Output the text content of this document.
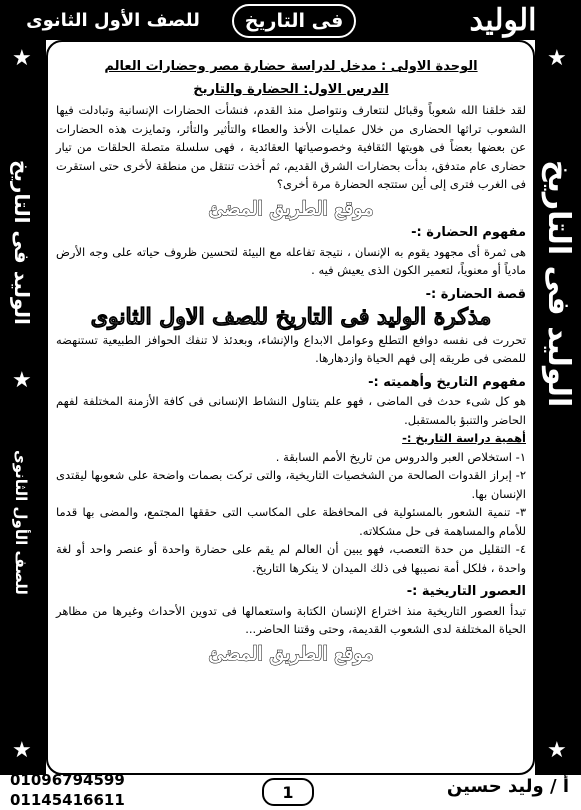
الوليد
فى التاريخ
للصف الأول الثانوى
★
الوليد فى التاريخ
★
للصف الأول الثانوى
★
★
الوليد فى التاريخ
★
الوحدة الاولى : مدخل لدراسة حضارة مصر وحضارات العالم
الدرس الاول: الحضارة والتاريخ

لقد خلقنا الله شعوباً وقبائل لنتعارف ونتواصل منذ القدم، فنشأت الحضارات الإنسانية وتبادلت فيها الشعوب تراثها الحضارى من خلال عمليات الأخذ والعطاء والتأثير والتأثر، وتمايزت هذه الحضارات عن بعضها بعضاً فى هويتها الثقافية وخصوصياتها العقائدية ، فهى سلسلة متصلة الحلقات من تيار حضارى عام متدفق، بدأت بحضارات الشرق القديم، ثم أخذت تنتقل من منطقة لأخرى حتى استقرت فى الغرب فترى إلى أين ستتجه الحضارة مرة أخرى؟

موقع الطريق المضئ
مفهوم الحضارة :-

هى ثمرة أى مجهود يقوم به الإنسان ، نتيجة تفاعله مع البيئة لتحسين ظروف حياته على وجه الأرض مادياً أو معنوياً، لتعمير الكون الذى يعيش فيه .

قصة الحضارة :-
مذكرة الوليد فى التاريخ للصف الاول الثانوى

تحررت فى نفسه دوافع التطلع وعوامل الابداع والإنشاء، وبعدئذ لا تنفك الحوافز الطبيعية تستنهضه للمضى فى طريقه إلى فهم الحياة وازدهارها.

مفهوم التاريخ وأهميته :-

هو كل شىء حدث فى الماضى ، فهو علم يتناول النشاط الإنسانى فى كافة الأزمنة المختلفة لفهم الحاضر والتنبؤ بالمستقبل.

أهمية دراسة التاريخ :-

١- استخلاص العبر والدروس من تاريخ الأمم السابقة .

٢- إبراز القدوات الصالحة من الشخصيات التاريخية، والتى تركت بصمات واضحة على شعوبها ليقتدى الإنسان بها.

٣- تنمية الشعور بالمسئولية فى المحافظة على المكاسب التى حققها المجتمع، والمضى بها قدما للأمام والمساهمة فى حل مشكلاته.

٤- التقليل من حدة التعصب، فهو يبين أن العالم لم يقم على حضارة واحدة أو عنصر واحد أو لغة واحدة ، فلكل أمة نصيبها فى ذلك الميدان لا ينكرها التاريخ.

العصور التاريخية :-

تبدأ العصور التاريخية منذ اختراع الإنسان الكتابة واستعمالها فى تدوين الأحداث وغيرها من مظاهر الحياة المختلفة لدى الشعوب القديمة، وحتى وقتنا الحاضر...

موقع الطريق المضئ
01096794599
01145416611	1	أ / وليد حسين
